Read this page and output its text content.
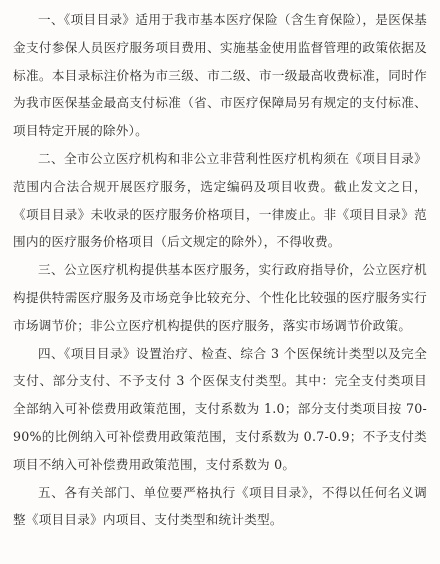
一、《项目目录》适用于我市基本医疗保险（含生育保险），是医保基金支付参保人员医疗服务项目费用、实施基金使用监督管理的政策依据及标准。本目录标注价格为市三级、市二级、市一级最高收费标准，同时作为我市医保基金最高支付标准（省、市医疗保障局另有规定的支付标准、项目特定开展的除外）。

二、全市公立医疗机构和非公立非营利性医疗机构须在《项目目录》范围内合法合规开展医疗服务，选定编码及项目收费。截止发文之日，《项目目录》未收录的医疗服务价格项目，一律废止。非《项目目录》范围内的医疗服务价格项目（后文规定的除外），不得收费。

三、公立医疗机构提供基本医疗服务，实行政府指导价，公立医疗机构提供特需医疗服务及市场竞争比较充分、个性化比较强的医疗服务实行市场调节价；非公立医疗机构提供的医疗服务，落实市场调节价政策。

四、《项目目录》设置治疗、检查、综合 3 个医保统计类型以及完全支付、部分支付、不予支付 3 个医保支付类型。其中：完全支付类项目全部纳入可补偿费用政策范围，支付系数为 1.0；部分支付类项目按 70-90%的比例纳入可补偿费用政策范围，支付系数为 0.7-0.9；不予支付类项目不纳入可补偿费用政策范围，支付系数为 0。

五、各有关部门、单位要严格执行《项目目录》，不得以任何名义调整《项目目录》内项目、支付类型和统计类型。
